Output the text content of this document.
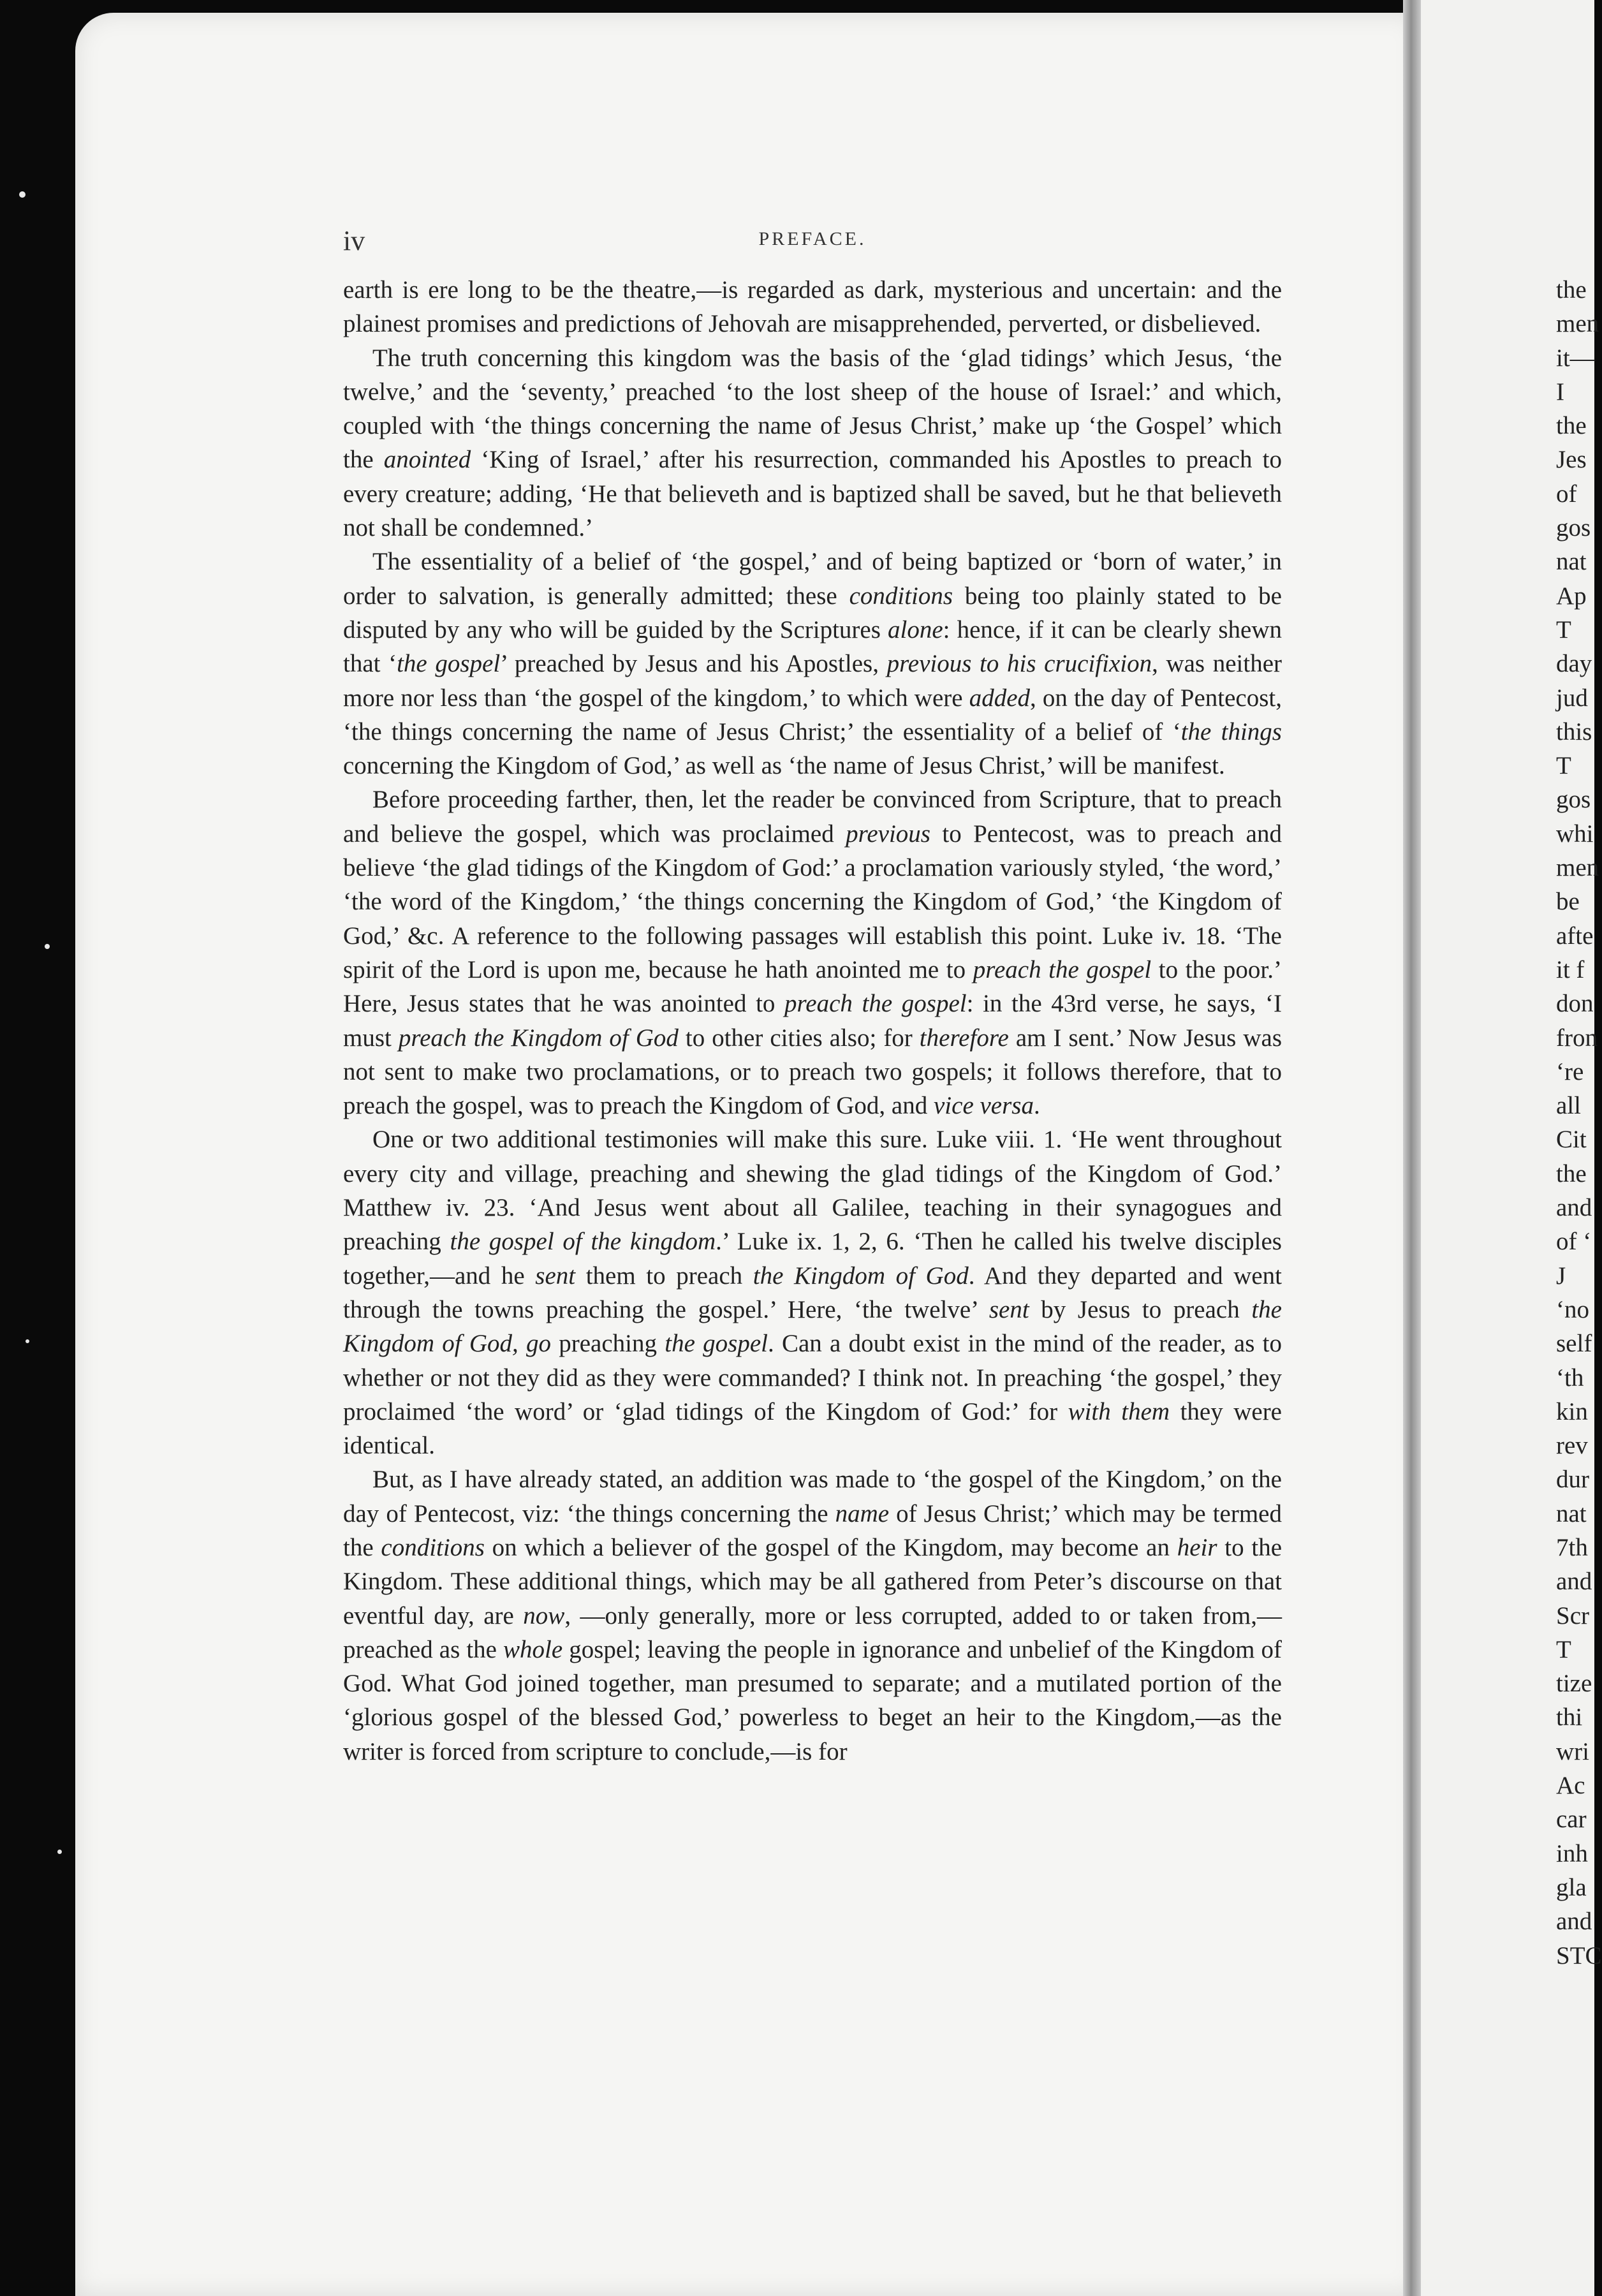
iv	PREFACE.

earth is ere long to be the theatre,—is regarded as dark, mysterious and uncertain: and the plainest promises and predictions of Jehovah are misapprehended, perverted, or disbelieved.

The truth concerning this kingdom was the basis of the ‘glad tidings’ which Jesus, ‘the twelve,’ and the ‘seventy,’ preached ‘to the lost sheep of the house of Israel:’ and which, coupled with ‘the things concerning the name of Jesus Christ,’ make up ‘the Gospel’ which the anointed ‘King of Israel,’ after his resurrection, commanded his Apostles to preach to every creature; adding, ‘He that believeth and is baptized shall be saved, but he that believeth not shall be condemned.’

The essentiality of a belief of ‘the gospel,’ and of being baptized or ‘born of water,’ in order to salvation, is generally admitted; these conditions being too plainly stated to be disputed by any who will be guided by the Scriptures alone: hence, if it can be clearly shewn that ‘the gospel’ preached by Jesus and his Apostles, previous to his crucifixion, was neither more nor less than ‘the gospel of the kingdom,’ to which were added, on the day of Pentecost, ‘the things concerning the name of Jesus Christ;’ the essentiality of a belief of ‘the things concerning the Kingdom of God,’ as well as ‘the name of Jesus Christ,’ will be manifest.

Before proceeding farther, then, let the reader be convinced from Scripture, that to preach and believe the gospel, which was proclaimed previous to Pentecost, was to preach and believe ‘the glad tidings of the Kingdom of God:’ a proclamation variously styled, ‘the word,’ ‘the word of the Kingdom,’ ‘the things concerning the Kingdom of God,’ ‘the Kingdom of God,’ &c. A reference to the following passages will establish this point. Luke iv. 18. ‘The spirit of the Lord is upon me, because he hath anointed me to preach the gospel to the poor.’ Here, Jesus states that he was anointed to preach the gospel: in the 43rd verse, he says, ‘I must preach the Kingdom of God to other cities also; for therefore am I sent.’ Now Jesus was not sent to make two proclamations, or to preach two gospels; it follows therefore, that to preach the gospel, was to preach the Kingdom of God, and vice versa.

One or two additional testimonies will make this sure. Luke viii. 1. ‘He went throughout every city and village, preaching and shewing the glad tidings of the Kingdom of God.’ Matthew iv. 23. ‘And Jesus went about all Galilee, teaching in their synagogues and preaching the gospel of the kingdom.’ Luke ix. 1, 2, 6. ‘Then he called his twelve disciples together,—and he sent them to preach the Kingdom of God. And they departed and went through the towns preaching the gospel.’ Here, ‘the twelve’ sent by Jesus to preach the Kingdom of God, go preaching the gospel. Can a doubt exist in the mind of the reader, as to whether or not they did as they were commanded? I think not. In preaching ‘the gospel,’ they proclaimed ‘the word’ or ‘glad tidings of the Kingdom of God:’ for with them they were identical.

But, as I have already stated, an addition was made to ‘the gospel of the Kingdom,’ on the day of Pentecost, viz: ‘the things concerning the name of Jesus Christ;’ which may be termed the conditions on which a believer of the gospel of the Kingdom, may become an heir to the Kingdom. These additional things, which may be all gathered from Peter’s discourse on that eventful day, are now, —only generally, more or less corrupted, added to or taken from,—preached as the whole gospel; leaving the people in ignorance and unbelief of the Kingdom of God. What God joined together, man presumed to separate; and a mutilated portion of the ‘glorious gospel of the blessed God,’ powerless to beget an heir to the Kingdom,—as the writer is forced from scripture to conclude,—is for

the
men
it—
I
the
Jes
of
gos
nat
Ap
T
day
jud
this
T
gos
whi
men
be
afte
it f
don
fron
‘re
all
Cit
the
and
of ‘
J
‘no
self
‘th
kin
rev
dur
nat
7th
and
Scr
T
tize
thi
wri
Ac
car
inh
gla
and
STC
